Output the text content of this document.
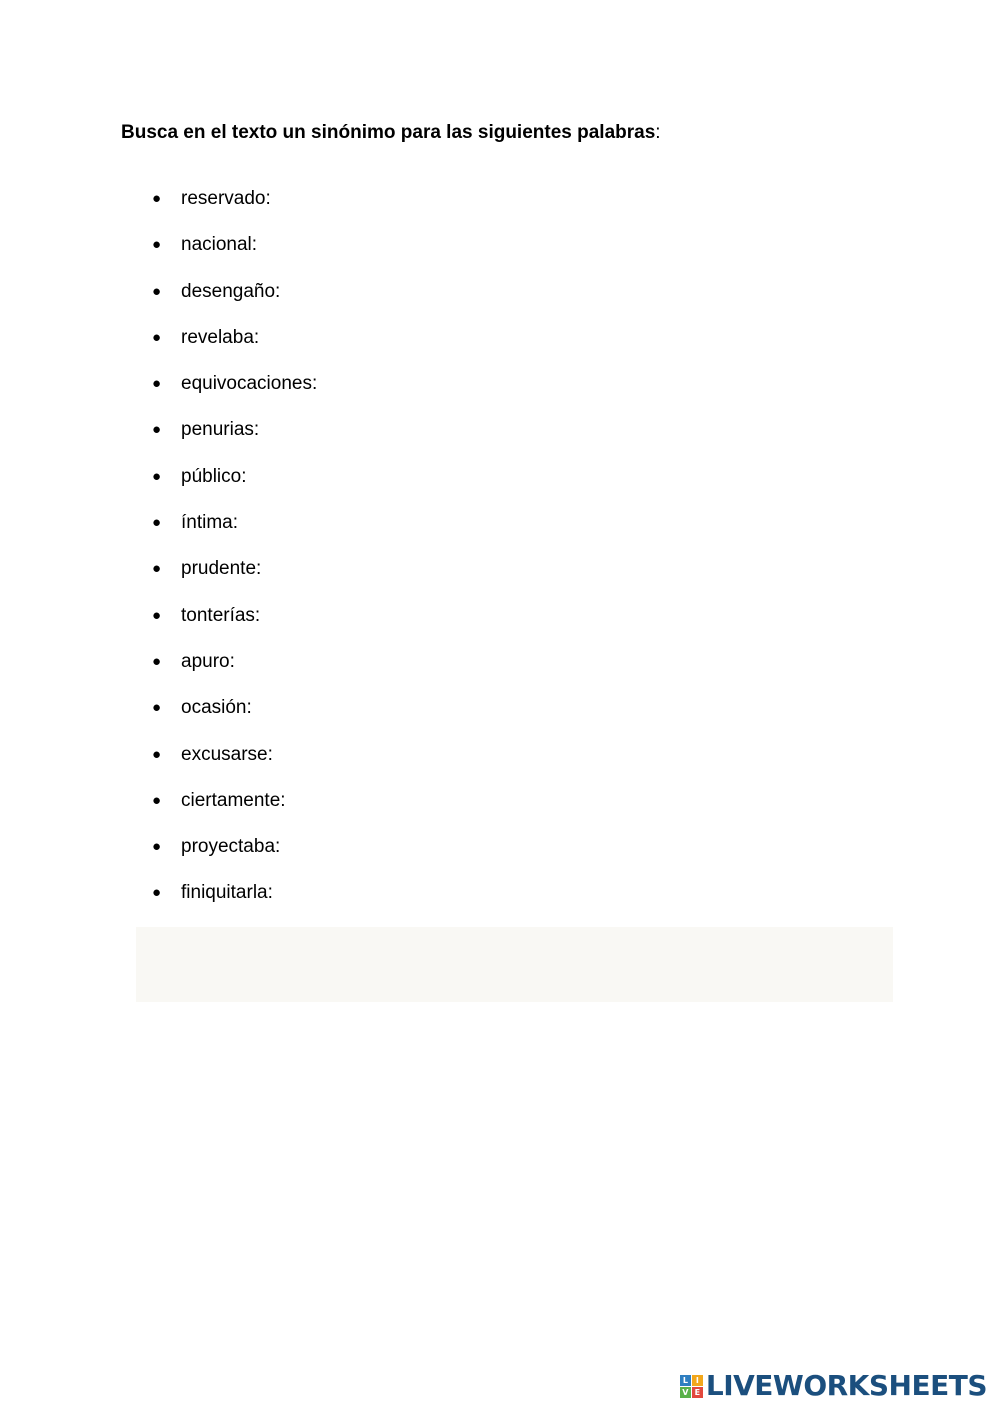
Busca en el texto un sinónimo para las siguientes palabras:

● reservado:
● nacional:
● desengaño:
● revelaba:
● equivocaciones:
● penurias:
● público:
● íntima:
● prudente:
● tonterías:
● apuro:
● ocasión:
● excusarse:
● ciertamente:
● proyectaba:
● finiquitarla:
L I
V E LIVEWORKSHEETS
